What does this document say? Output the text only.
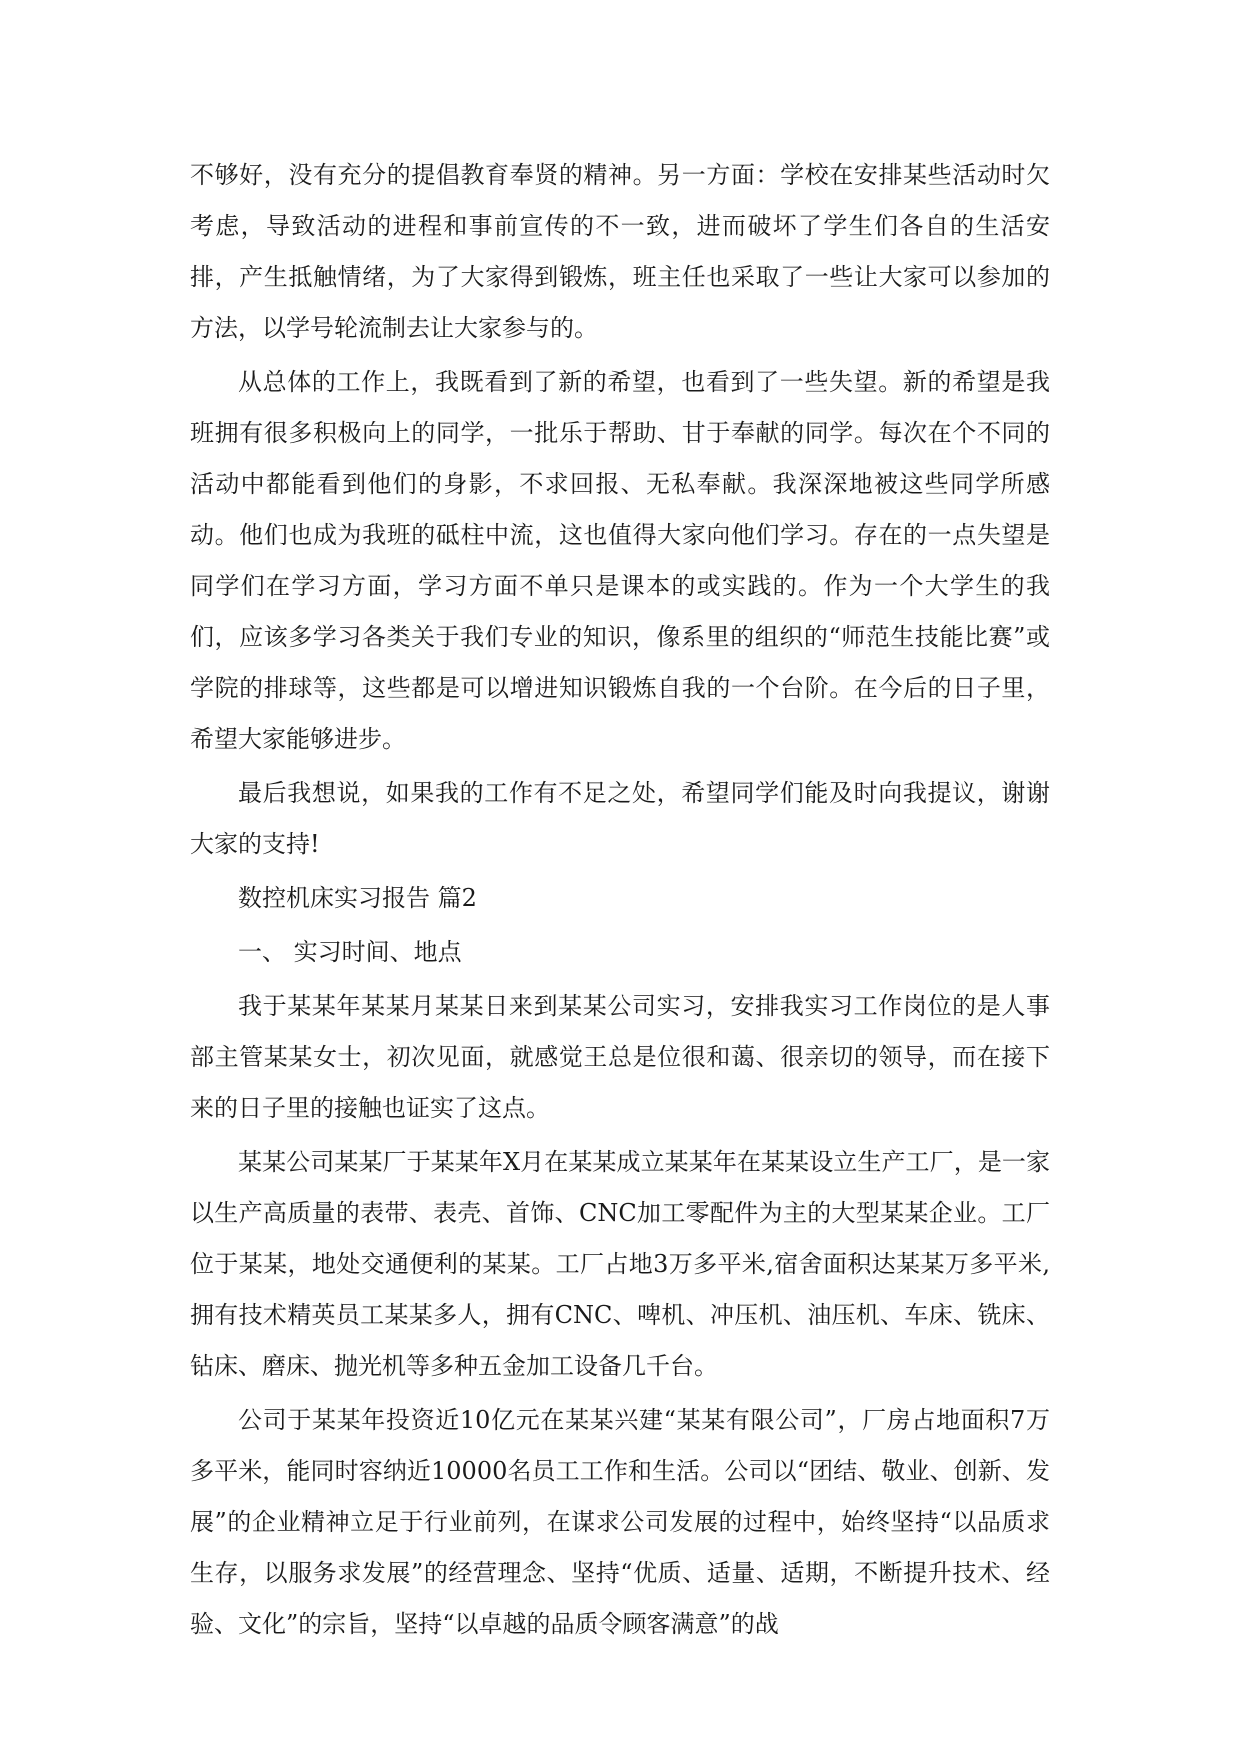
不够好，没有充分的提倡教育奉贤的精神。另一方面：学校在安排某些活动时欠考虑，导致活动的进程和事前宣传的不一致，进而破坏了学生们各自的生活安排，产生抵触情绪，为了大家得到锻炼，班主任也采取了一些让大家可以参加的方法，以学号轮流制去让大家参与的。

从总体的工作上，我既看到了新的希望，也看到了一些失望。新的希望是我班拥有很多积极向上的同学，一批乐于帮助、甘于奉献的同学。每次在个不同的活动中都能看到他们的身影，不求回报、无私奉献。我深深地被这些同学所感动。他们也成为我班的砥柱中流，这也值得大家向他们学习。存在的一点失望是同学们在学习方面，学习方面不单只是课本的或实践的。作为一个大学生的我们，应该多学习各类关于我们专业的知识，像系里的组织的“师范生技能比赛”或学院的排球等，这些都是可以增进知识锻炼自我的一个台阶。在今后的日子里，希望大家能够进步。

最后我想说，如果我的工作有不足之处，希望同学们能及时向我提议，谢谢大家的支持!

数控机床实习报告 篇2

一、 实习时间、地点

我于某某年某某月某某日来到某某公司实习，安排我实习工作岗位的是人事部主管某某女士，初次见面，就感觉王总是位很和蔼、很亲切的领导，而在接下来的日子里的接触也证实了这点。

某某公司某某厂于某某年X月在某某成立某某年在某某设立生产工厂，是一家以生产高质量的表带、表壳、首饰、CNC加工零配件为主的大型某某企业。工厂位于某某，地处交通便利的某某。工厂占地3万多平米,宿舍面积达某某万多平米,拥有技术精英员工某某多人，拥有CNC、啤机、冲压机、油压机、车床、铣床、钻床、磨床、抛光机等多种五金加工设备几千台。

公司于某某年投资近10亿元在某某兴建“某某有限公司”，厂房占地面积7万多平米，能同时容纳近10000名员工工作和生活。公司以“团结、敬业、创新、发展”的企业精神立足于行业前列，在谋求公司发展的过程中，始终坚持“以品质求生存，以服务求发展”的经营理念、坚持“优质、适量、适期，不断提升技术、经验、文化”的宗旨，坚持“以卓越的品质令顾客满意”的战
